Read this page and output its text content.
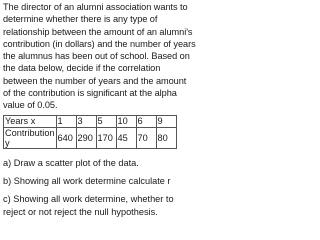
The director of an alumni association wants to determine whether there is any type of relationship between the amount of an alumni's contribution (in dollars) and the number of years the alumnus has been out of school. Based on the data below, decide if the correlation between the number of years and the amount of the contribution is significant at the alpha value of 0.05.

Years x	1	3	5	10	6	9
Contribution y	640	290	170	45	70	80

a) Draw a scatter plot of the data.

b) Showing all work determine calculate r

c) Showing all work determine, whether to reject or not reject the null hypothesis.
